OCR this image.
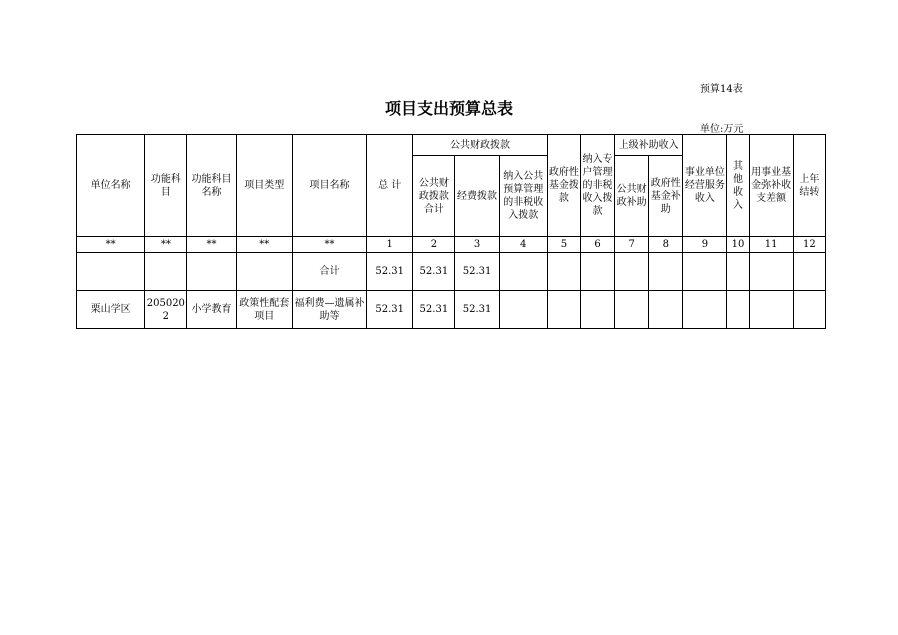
预算14表
项目支出预算总表
单位:万元
单位名称	功能科目	功能科目名称	项目类型	项目名称	总 计	公共财政拨款			政府性基金拨款	纳入专户管理的非税收入拨款	上级补助收入		事业单位经营服务收入	其他收入	用事业基金弥补收支差额	上年结转
						公共财政拨款合计	经费拨款	纳入公共预算管理的非税收入拨款			公共财政补助	政府性基金补助				
**	**	**	**	**	1	2	3	4	5	6	7	8	9	10	11	12
				合计	52.31	52.31	52.31									
栗山学区	2050202	小学教育	政策性配套项目	福利费—遗属补助等	52.31	52.31	52.31									
